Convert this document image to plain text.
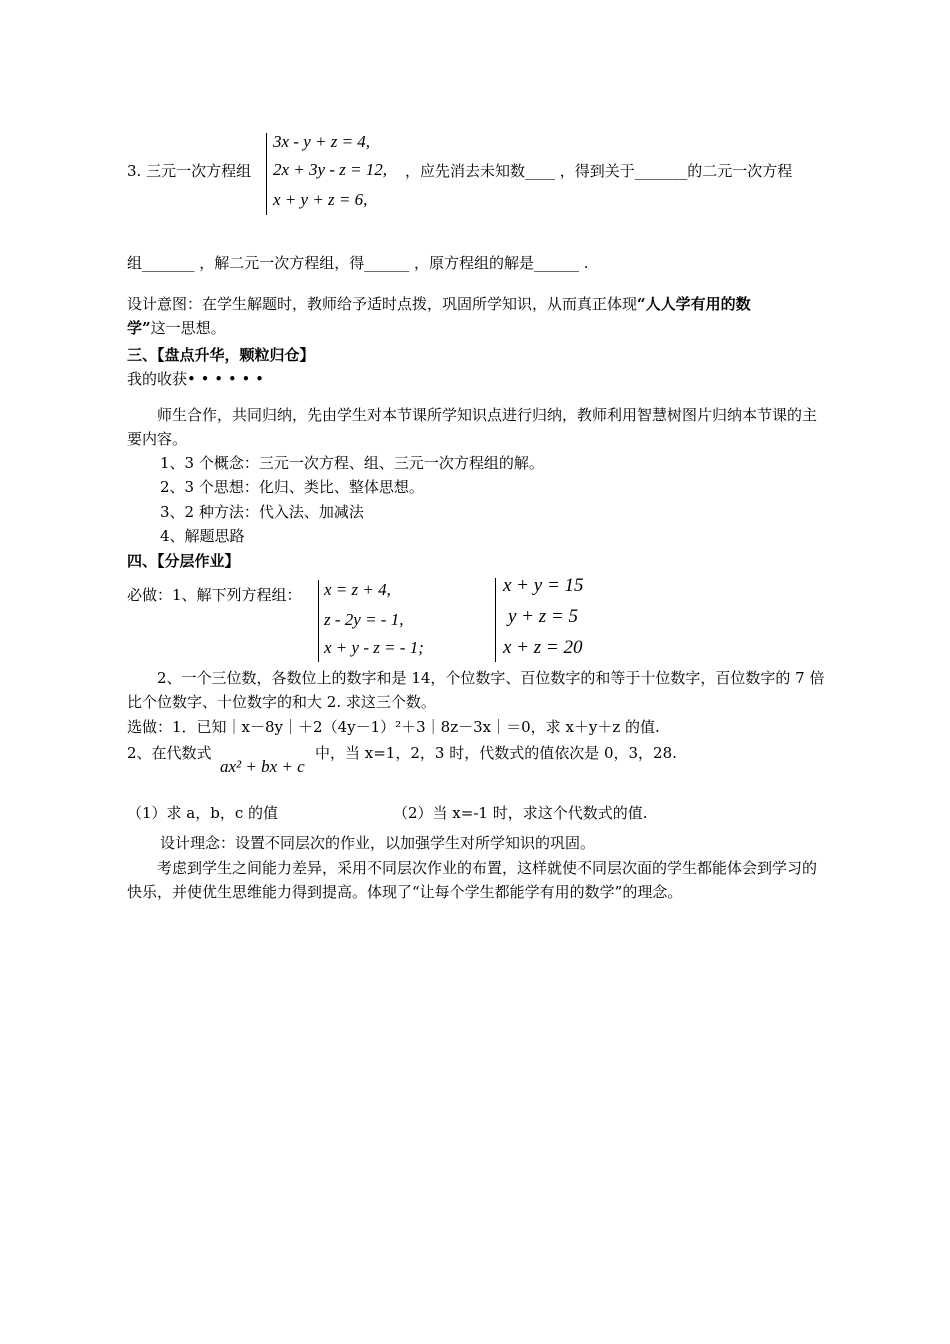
3. 三元一次方程组
3x - y + z = 4,
2x + 3y - z = 12,
x + y + z = 6,
，应先消去未知数____ ，得到关于_______的二元一次方程
组_______ ，解二元一次方程组，得______ ，原方程组的解是______ .
设计意图：在学生解题时，教师给予适时点拨，巩固所学知识，从而真正体现“人人学有用的数
学”这一思想。
三、【盘点升华，颗粒归仓】
我的收获• • • • • •
师生合作，共同归纳，先由学生对本节课所学知识点进行归纳，教师利用智慧树图片归纳本节课的主要内容。
1、3 个概念：三元一次方程、组、三元一次方程组的解。
2、3 个思想：化归、类比、整体思想。
3、2 种方法：代入法、加减法
4、解题思路
四、【分层作业】
必做：1、解下列方程组： x = z + 4,
z - 2y = - 1,
x + y - z = - 1;
x + y = 15
y + z = 5
x + z = 20
2、一个三位数，各数位上的数字和是 14，个位数字、百位数字的和等于十位数字，百位数字的 7 倍比个位数字、十位数字的和大 2. 求这三个数。
选做：1．已知｜x－8y｜＋2（4y－1）²＋3｜8z－3x｜＝0，求 x＋y＋z 的值.
2、在代数式
ax² + bx + c
中，当 x=1，2，3 时，代数式的值依次是 0，3，28.
（1）求 a，b，c 的值	（2）当 x=-1 时，求这个代数式的值.
设计理念：设置不同层次的作业，以加强学生对所学知识的巩固。
考虑到学生之间能力差异，采用不同层次作业的布置，这样就使不同层次面的学生都能体会到学习的快乐，并使优生思维能力得到提高。体现了“让每个学生都能学有用的数学”的理念。
